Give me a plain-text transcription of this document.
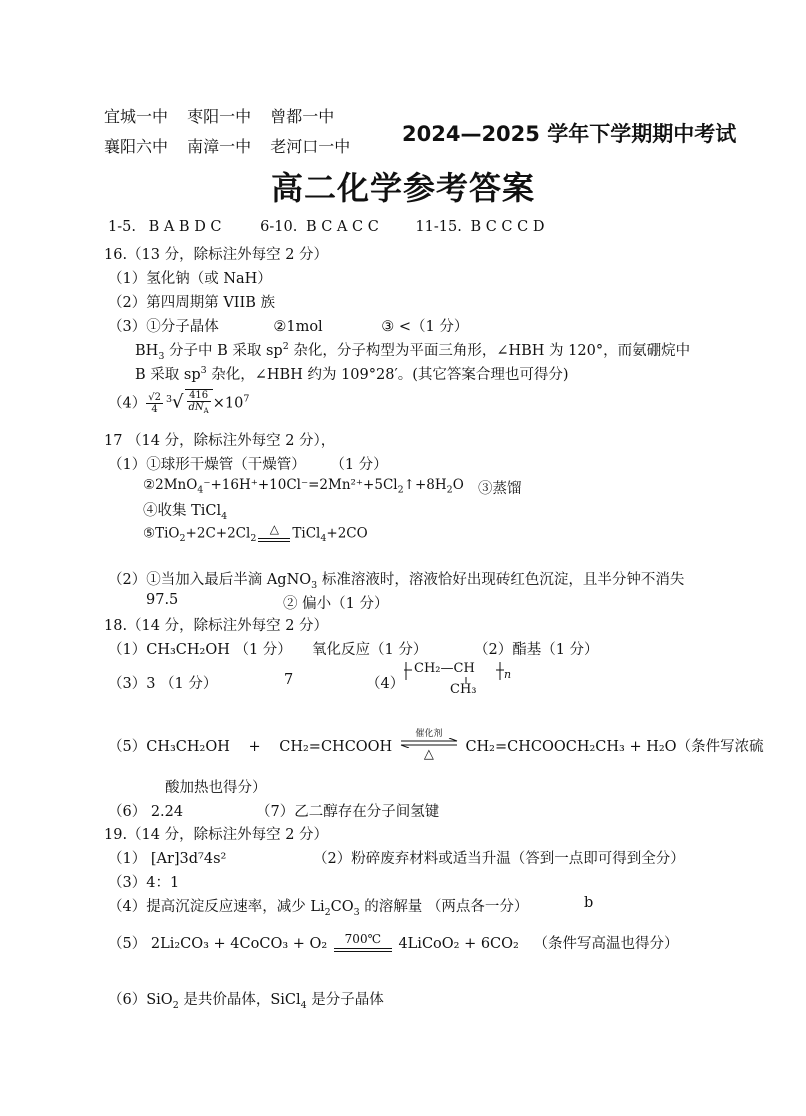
宜城一中 枣阳一中 曾都一中
襄阳六中 南漳一中 老河口一中
2024—2025 学年下学期期中考试
高二化学参考答案
1-5. B A B D C	6-10. B C A C C	11-15. B C C C D
16.（13 分，除标注外每空 2 分）
（1）氢化钠（或 NaH）
（2）第四周期第 VIIB 族
（3）①分子晶体	②1mol	③ <（1 分）
$BH_3$ 分子中 B 采取 $sp^2$ 杂化，分子构型为平面三角形，∠HBH 为 120°，而氨硼烷中
B 采取 $sp^3$ 杂化，∠HBH 约为 109°28′。(其它答案合理也可得分)
$(4) \frac{√2}{4} ^3√ \frac{416}{dN_A} \times 10^7$
17 （14 分，除标注外每空 2 分），
（1）①球形干燥管（干燥管） （1 分）
$②2MnO_4^-+16H^++10Cl^-=2Mn^{2+}+5Cl_2↑+8H_2O$ ③蒸馏
④收集 TiCl$_4$
$⑤TiO_2+2C+2Cl_2$
△ TiCl$_4$+2CO
（2）①当加入最后半滴 AgNO$_3$ 标准溶液时，溶液恰好出现砖红色沉淀，且半分钟不消失
97.5	② 偏小（1 分）
18.（14 分，除标注外每空 2 分）
（1）CH₃CH₂OH （1 分） 氧化反应（1 分）	（2）酯基（1 分）
（3）3 （1 分）	7	（4）
CH₂—CH	n
CH₃
（5）CH₃CH₂OH + CH₂=CHCOOH
催化剂
△	CH₂=CHCOOCH₂CH₃ + H₂O（条件写浓硫
酸加热也得分）
（6） 2.24	（7）乙二醇存在分子间氢键
19.（14 分，除标注外每空 2 分）
（1） [Ar]3d⁷4s²	（2）粉碎废弃材料或适当升温（答到一点即可得到全分）
（3）4：1
（4）提高沉淀反应速率，减少 $Li_2CO_3$ 的溶解量 （两点各一分）	b
（5） 2Li₂CO₃ + 4CoCO₃ + O₂	700℃	4LiCoO₂ + 6CO₂ （条件写高温也得分）
（6）SiO$_2$ 是共价晶体，SiCl$_4$ 是分子晶体
